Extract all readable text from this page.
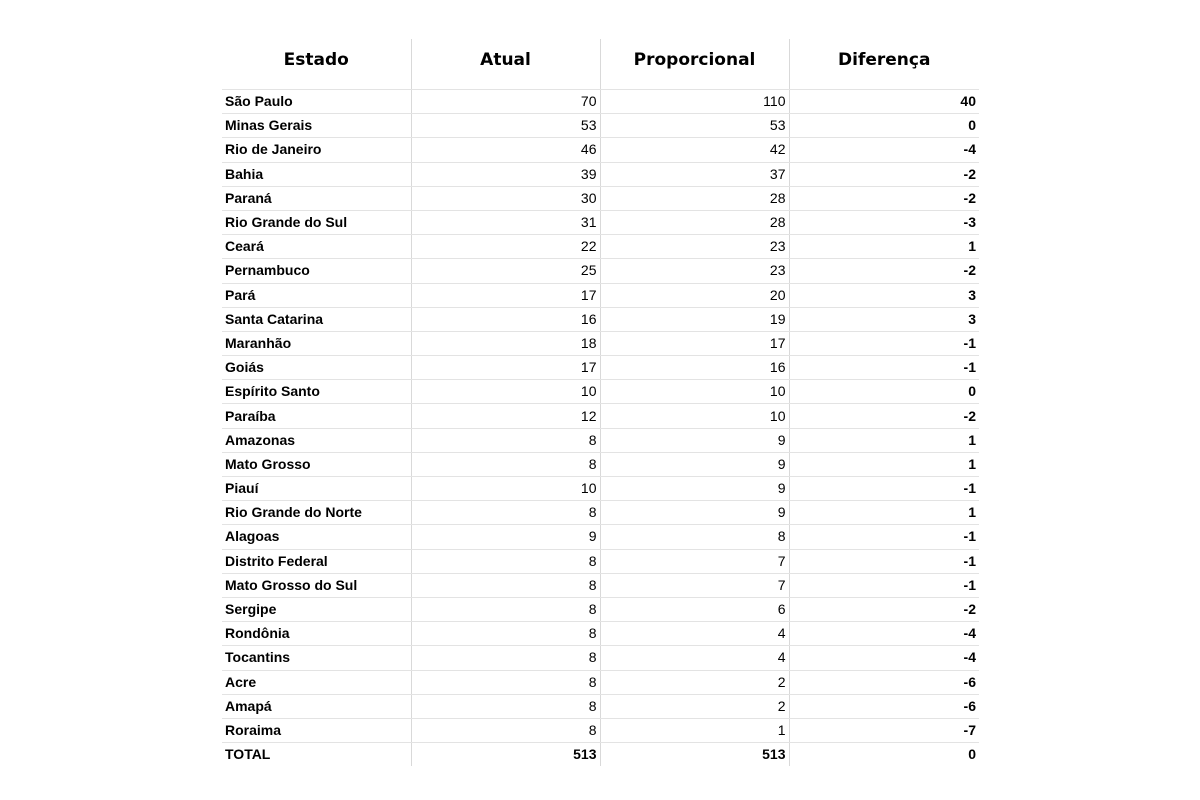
Estado	Atual	Proporcional	Diferença

São Paulo	70	110	40
Minas Gerais	53	53	0
Rio de Janeiro	46	42	-4
Bahia	39	37	-2
Paraná	30	28	-2
Rio Grande do Sul	31	28	-3
Ceará	22	23	1
Pernambuco	25	23	-2
Pará	17	20	3
Santa Catarina	16	19	3
Maranhão	18	17	-1
Goiás	17	16	-1
Espírito Santo	10	10	0
Paraíba	12	10	-2
Amazonas	8	9	1
Mato Grosso	8	9	1
Piauí	10	9	-1
Rio Grande do Norte	8	9	1
Alagoas	9	8	-1
Distrito Federal	8	7	-1
Mato Grosso do Sul	8	7	-1
Sergipe	8	6	-2
Rondônia	8	4	-4
Tocantins	8	4	-4
Acre	8	2	-6
Amapá	8	2	-6
Roraima	8	1	-7
TOTAL	513	513	0
